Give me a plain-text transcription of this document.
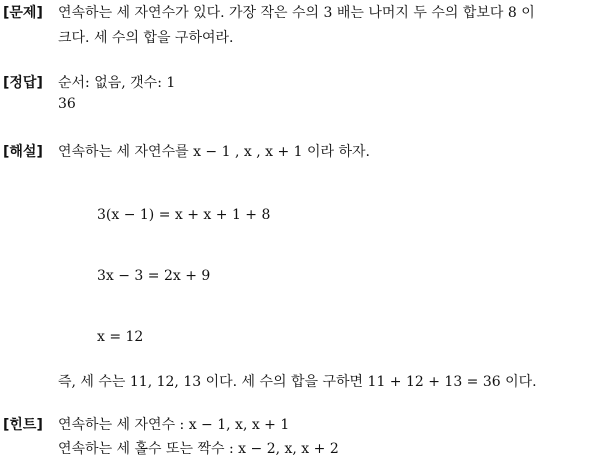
[문제] 연속하는 세 자연수가 있다. 가장 작은 수의 3 배는 나머지 두 수의 합보다 8 이
크다. 세 수의 합을 구하여라.
[정답] 순서: 없음, 갯수: 1
36
[해설] 연속하는 세 자연수를 x − 1 , x , x + 1 이라 하자.
3(x − 1) = x + x + 1 + 8
3x − 3 = 2x + 9
x = 12
즉, 세 수는 11, 12, 13 이다. 세 수의 합을 구하면 11 + 12 + 13 = 36 이다.
[힌트] 연속하는 세 자연수 : x − 1, x, x + 1
연속하는 세 홀수 또는 짝수 : x − 2, x, x + 2
